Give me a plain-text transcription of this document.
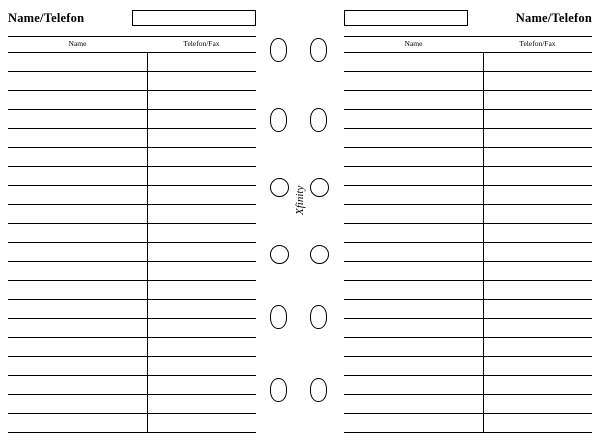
Name/Telefon
Name	Telefon/Fax
Xfinity
Name/Telefon
Name	Telefon/Fax
